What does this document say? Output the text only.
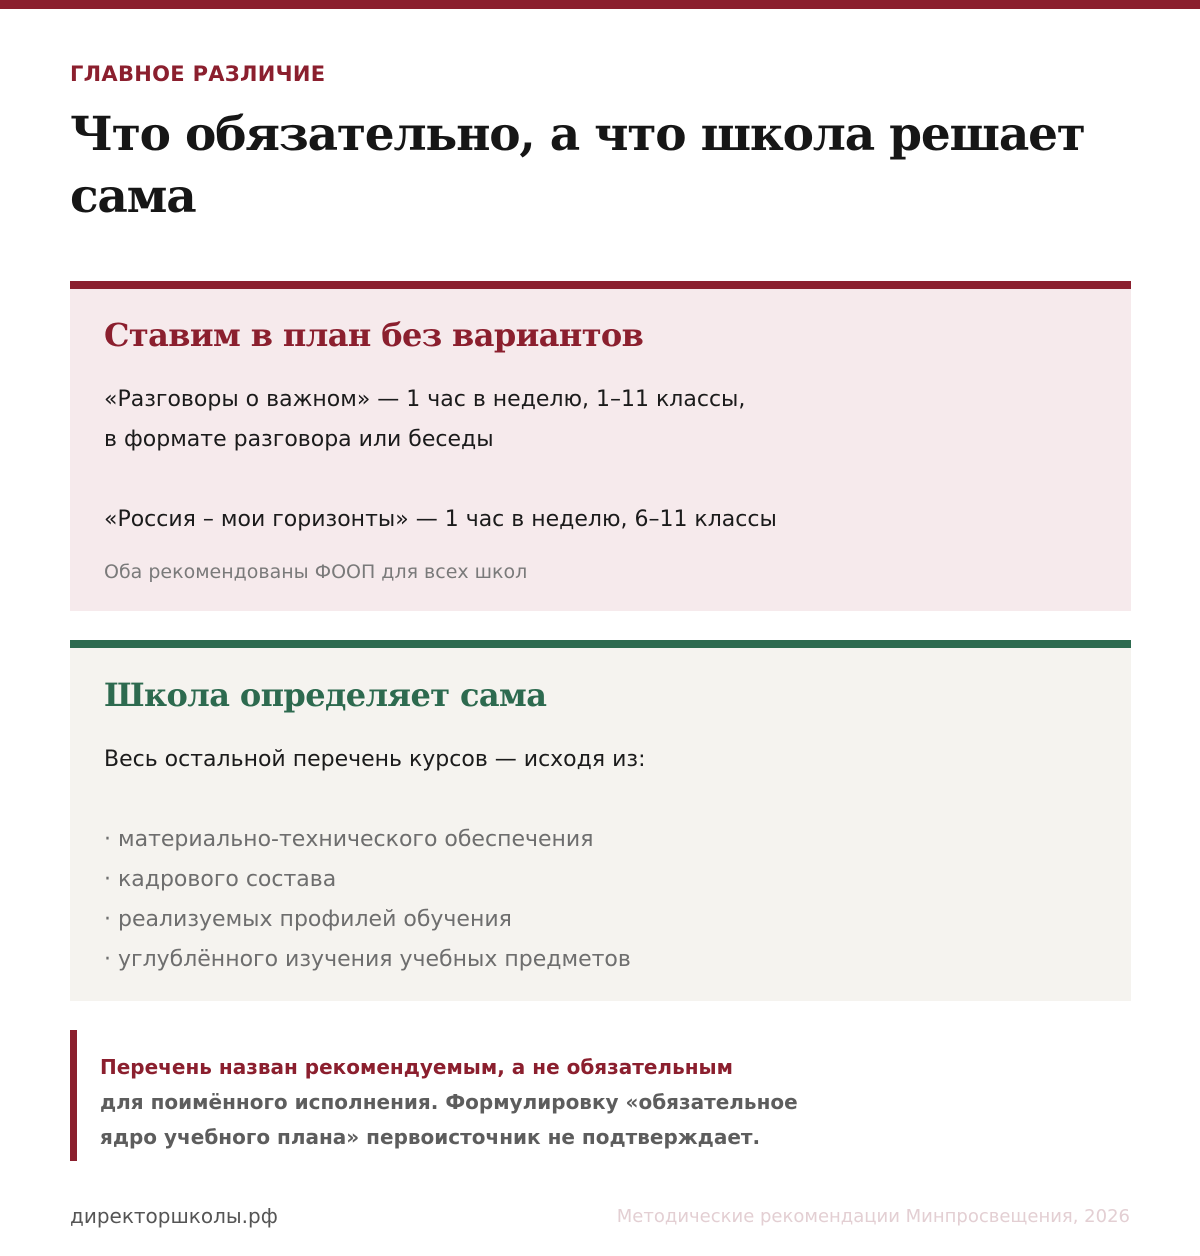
ГЛАВНОЕ РАЗЛИЧИЕ
Что обязательно, а что школа решает сама
Ставим в план без вариантов
«Разговоры о важном» — 1 час в неделю, 1–11 классы,
в формате разговора или беседы
«Россия – мои горизонты» — 1 час в неделю, 6–11 классы
Оба рекомендованы ФООП для всех школ
Школа определяет сама
Весь остальной перечень курсов — исходя из:
· материально-технического обеспечения
· кадрового состава
· реализуемых профилей обучения
· углублённого изучения учебных предметов
Перечень назван рекомендуемым, а не обязательным
для поимённого исполнения. Формулировку «обязательное
ядро учебного плана» первоисточник не подтверждает.
директоршколы.рф	Методические рекомендации Минпросвещения, 2026
